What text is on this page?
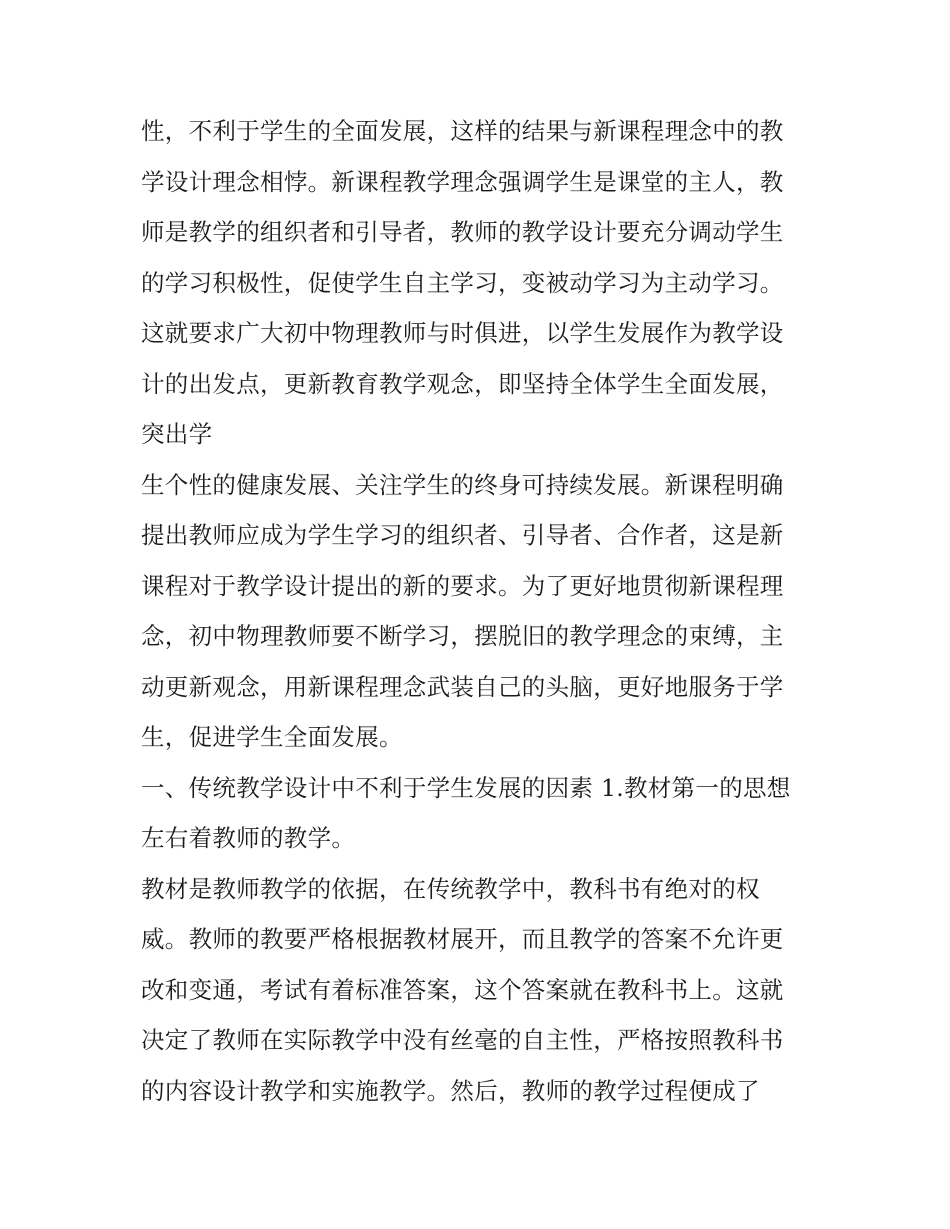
性，不利于学生的全面发展，这样的结果与新课程理念中的教
学设计理念相悖。新课程教学理念强调学生是课堂的主人，教
师是教学的组织者和引导者，教师的教学设计要充分调动学生
的学习积极性，促使学生自主学习，变被动学习为主动学习。
这就要求广大初中物理教师与时俱进，以学生发展作为教学设
计的出发点，更新教育教学观念，即坚持全体学生全面发展，
突出学
生个性的健康发展、关注学生的终身可持续发展。新课程明确
提出教师应成为学生学习的组织者、引导者、合作者，这是新
课程对于教学设计提出的新的要求。为了更好地贯彻新课程理
念，初中物理教师要不断学习，摆脱旧的教学理念的束缚，主
动更新观念，用新课程理念武装自己的头脑，更好地服务于学
生，促进学生全面发展。
一、传统教学设计中不利于学生发展的因素 1.教材第一的思想
左右着教师的教学。
教材是教师教学的依据，在传统教学中，教科书有绝对的权
威。教师的教要严格根据教材展开，而且教学的答案不允许更
改和变通，考试有着标准答案，这个答案就在教科书上。这就
决定了教师在实际教学中没有丝毫的自主性，严格按照教科书
的内容设计教学和实施教学。然后，教师的教学过程便成了
